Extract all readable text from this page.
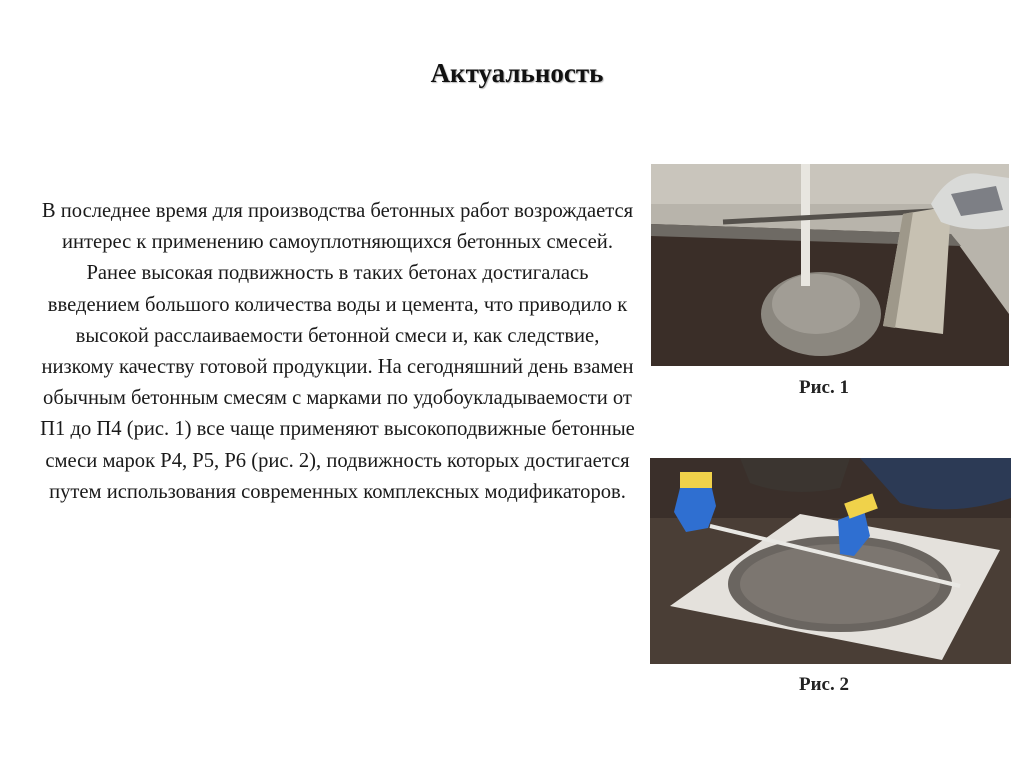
Актуальность

В последнее время для производства бетонных работ возрождается интерес к применению самоуплотняющихся бетонных смесей. Ранее высокая подвижность в таких бетонах достигалась введением большого количества воды и цемента, что приводило к высокой расслаиваемости бетонной смеси и, как следствие, низкому качеству готовой продукции. На сегодняшний день взамен обычным бетонным смесям с марками по удобоукладываемости от П1 до П4 (рис. 1) все чаще применяют высокоподвижные бетонные смеси марок Р4, Р5, Р6 (рис. 2), подвижность которых достигается путем использования современных комплексных модификаторов.

Рис. 1
Рис. 2
